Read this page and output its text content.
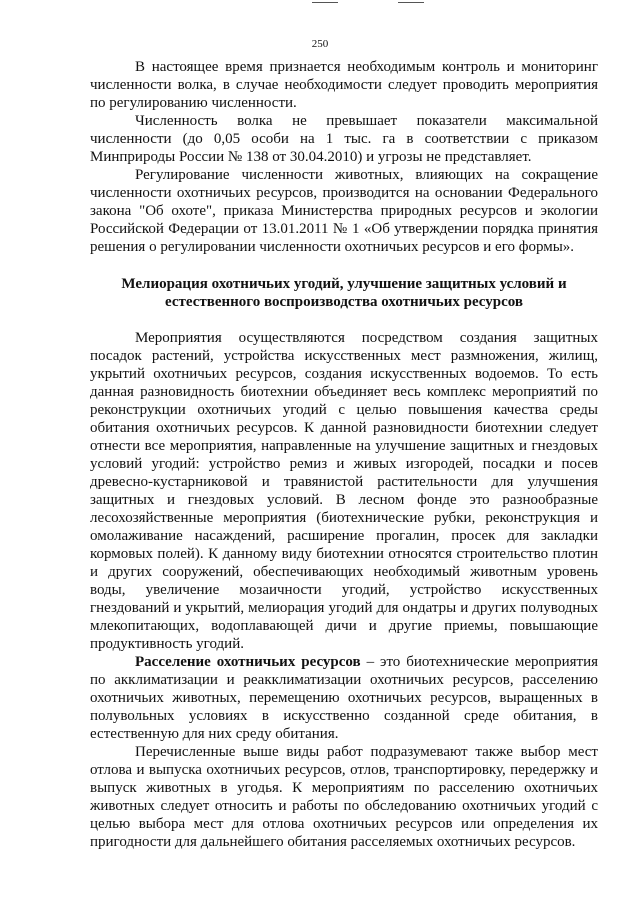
250

В настоящее время признается необходимым контроль и мониторинг численности волка, в случае необходимости следует проводить мероприятия по регулированию численности.

Численность волка не превышает показатели максимальной численности (до 0,05 особи на 1 тыс. га в соответствии с приказом Минприроды России № 138 от 30.04.2010) и угрозы не представляет.

Регулирование численности животных, влияющих на сокращение численности охотничьих ресурсов, производится на основании Федерального закона "Об охоте", приказа Министерства природных ресурсов и экологии Российской Федерации от 13.01.2011 № 1 «Об утверждении порядка принятия решения о регулировании численности охотничьих ресурсов и его формы».

Мелиорация охотничьих угодий, улучшение защитных условий и
естественного воспроизводства охотничьих ресурсов

Мероприятия осуществляются посредством создания защитных посадок растений, устройства искусственных мест размножения, жилищ, укрытий охотничьих ресурсов, создания искусственных водоемов. То есть данная разновидность биотехнии объединяет весь комплекс мероприятий по реконструкции охотничьих угодий с целью повышения качества среды обитания охотничьих ресурсов. К данной разновидности биотехнии следует отнести все мероприятия, направленные на улучшение защитных и гнездовых условий угодий: устройство ремиз и живых изгородей, посадки и посев древесно-кустарниковой и травянистой растительности для улучшения защитных и гнездовых условий. В лесном фонде это разнообразные лесохозяйственные мероприятия (биотехнические рубки, реконструкция и омолаживание насаждений, расширение прогалин, просек для закладки кормовых полей). К данному виду биотехнии относятся строительство плотин и других сооружений, обеспечивающих необходимый животным уровень воды, увеличение мозаичности угодий, устройство искусственных гнездований и укрытий, мелиорация угодий для ондатры и других полуводных млекопитающих, водоплавающей дичи и другие приемы, повышающие продуктивность угодий.

Расселение охотничьих ресурсов – это биотехнические мероприятия по акклиматизации и реакклиматизации охотничьих ресурсов, расселению охотничьих животных, перемещению охотничьих ресурсов, выращенных в полувольных условиях в искусственно созданной среде обитания, в естественную для них среду обитания.

Перечисленные выше виды работ подразумевают также выбор мест отлова и выпуска охотничьих ресурсов, отлов, транспортировку, передержку и выпуск животных в угодья. К мероприятиям по расселению охотничьих животных следует относить и работы по обследованию охотничьих угодий с целью выбора мест для отлова охотничьих ресурсов или определения их пригодности для дальнейшего обитания расселяемых охотничьих ресурсов.
